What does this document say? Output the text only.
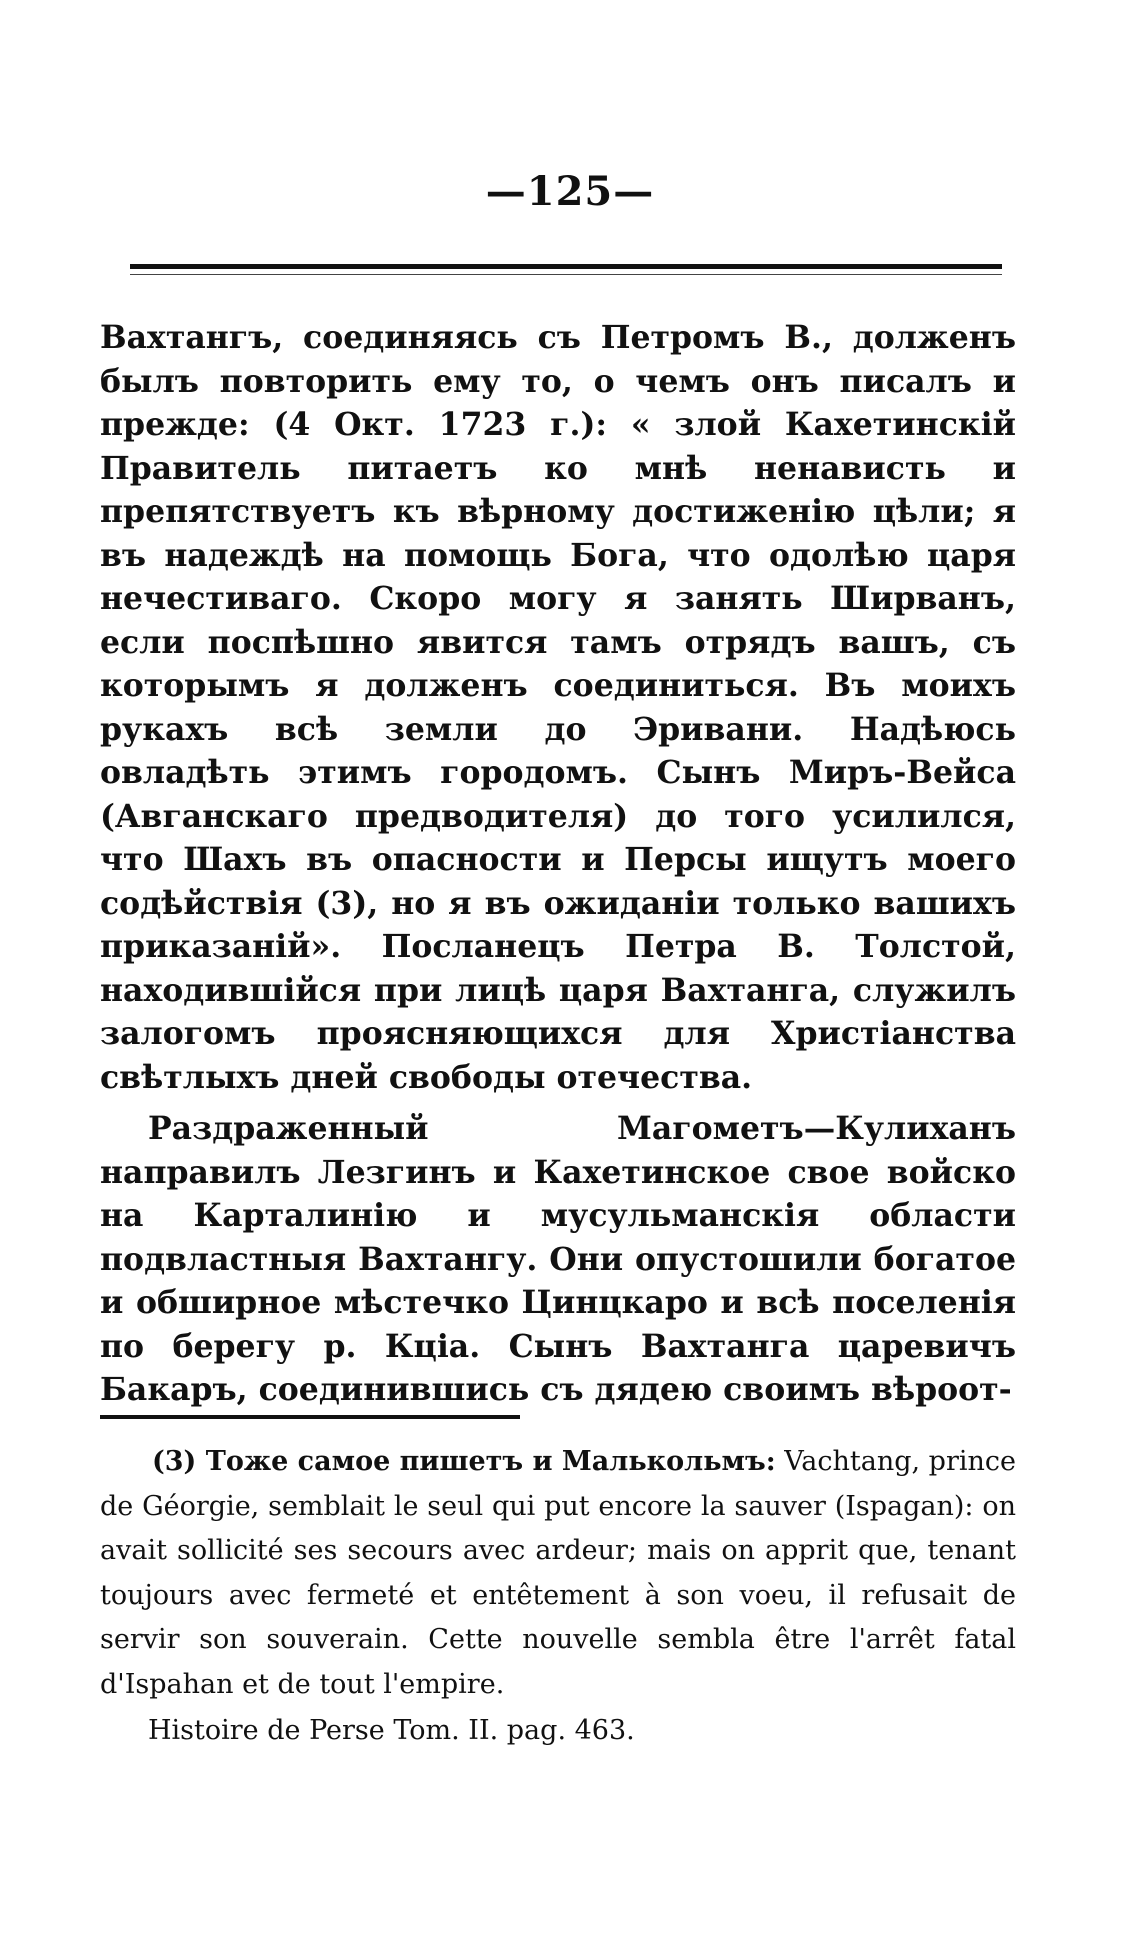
—125—

Вахтангъ, соединяясь съ Петромъ В., долженъ былъ повторить ему то, о чемъ онъ писалъ и прежде: (4 Окт. 1723 г.): « злой Кахетинскій Правитель питаетъ ко мнѣ ненависть и препятствуетъ къ вѣрному достиженію цѣли; я въ надеждѣ на помощь Бога, что одолѣю царя нечестиваго. Скоро могу я занять Ширванъ, если поспѣшно явится тамъ отрядъ вашъ, съ которымъ я долженъ соединиться. Въ моихъ рукахъ всѣ земли до Эривани. Надѣюсь овладѣть этимъ городомъ. Сынъ Миръ-Вейса (Авганскаго предводителя) до того усилился, что Шахъ въ опасности и Персы ищутъ моего содѣйствія (3), но я въ ожиданіи только вашихъ приказаній». Посланецъ Петра В. Толстой, находившійся при лицѣ царя Вахтанга, служилъ залогомъ проясняющихся для Христіанства свѣтлыхъ дней свободы отечества.

Раздраженный Магометъ—Кулиханъ направилъ Лезгинъ и Кахетинское свое войско на Карталинію и мусульманскія области подвластныя Вахтангу. Они опустошили богатое и обширное мѣстечко Цинцкаро и всѣ поселенія по берегу р. Кціа. Сынъ Вахтанга царевичъ Бакаръ, соединившись съ дядею своимъ вѣроот-

(3) Тоже самое пишетъ и Малькольмъ: Vachtang, prince de Géorgie, semblait le seul qui put encore la sauver (Ispagan): on avait sollicité ses secours avec ardeur; mais on apprit que, tenant toujours avec fermeté et entêtement à son voeu, il refusait de servir son souverain. Cette nouvelle sembla être l'arrêt fatal d'Ispahan et de tout l'empire.

Histoire de Perse Tom. II. pag. 463.
